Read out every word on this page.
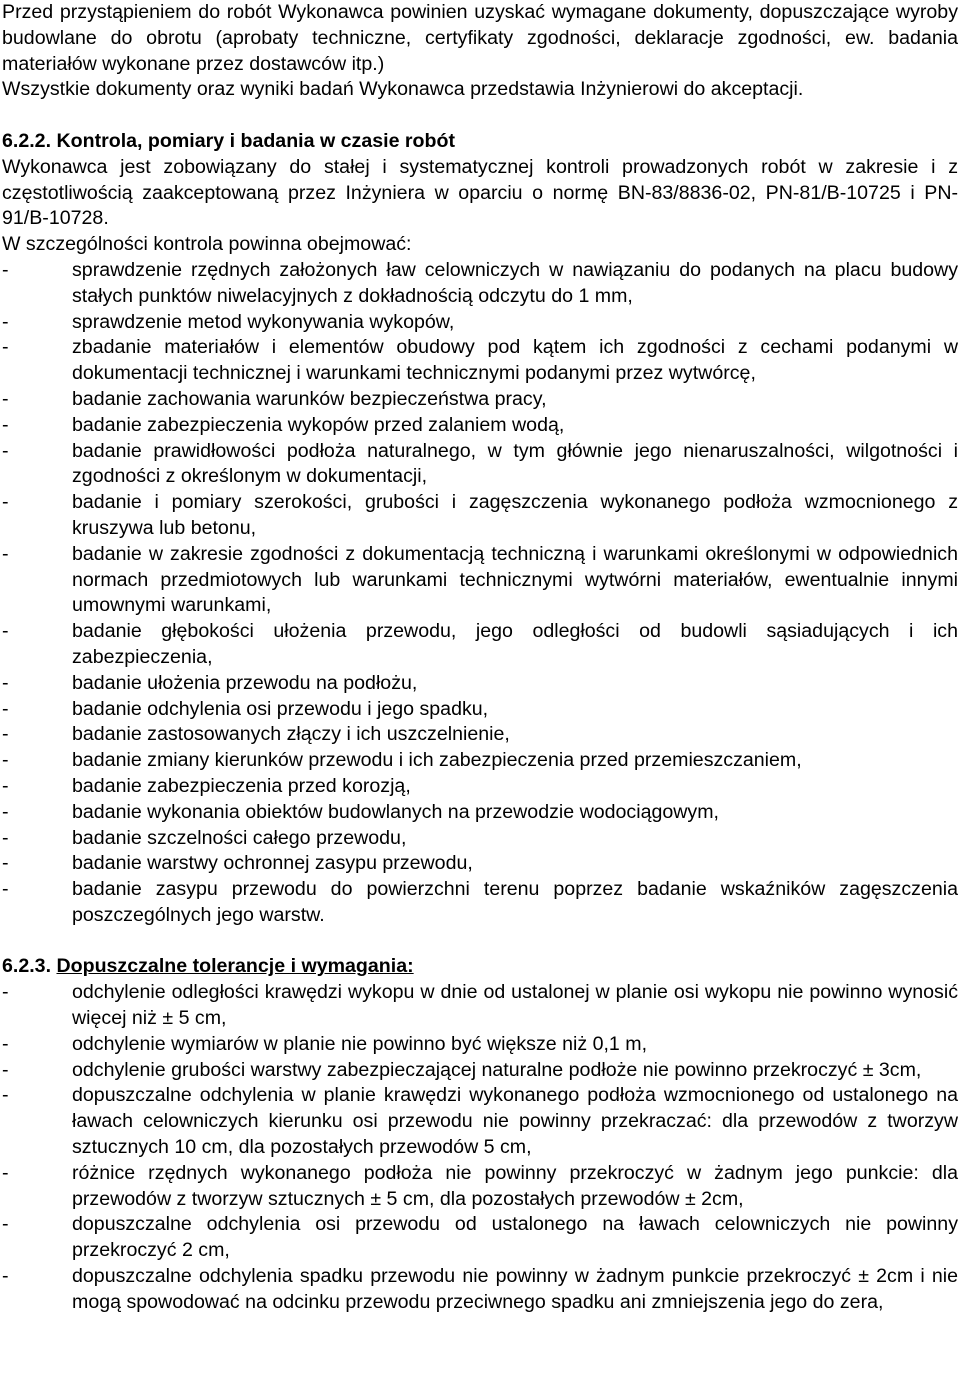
Przed przystąpieniem do robót Wykonawca powinien uzyskać wymagane dokumenty, dopuszczające wyroby budowlane do obrotu (aprobaty techniczne, certyfikaty zgodności, deklaracje zgodności, ew. badania materiałów wykonane przez dostawców itp.)

Wszystkie dokumenty oraz wyniki badań Wykonawca przedstawia Inżynierowi do akceptacji.

6.2.2. Kontrola, pomiary i badania w czasie robót

Wykonawca jest zobowiązany do stałej i systematycznej kontroli prowadzonych robót w zakresie i z częstotliwością zaakceptowaną przez Inżyniera w oparciu o normę BN-83/8836-02, PN-81/B-10725 i PN-91/B-10728.

W szczególności kontrola powinna obejmować:

-	sprawdzenie rzędnych założonych ław celowniczych w nawiązaniu do podanych na placu budowy stałych punktów niwelacyjnych z dokładnością odczytu do 1 mm,
-	sprawdzenie metod wykonywania wykopów,
-	zbadanie materiałów i elementów obudowy pod kątem ich zgodności z cechami podanymi w dokumentacji technicznej i warunkami technicznymi podanymi przez wytwórcę,
-	badanie zachowania warunków bezpieczeństwa pracy,
-	badanie zabezpieczenia wykopów przed zalaniem wodą,
-	badanie prawidłowości podłoża naturalnego, w tym głównie jego nienaruszalności, wilgotności i zgodności z określonym w dokumentacji,
-	badanie i pomiary szerokości, grubości i zagęszczenia wykonanego podłoża wzmocnionego z kruszywa lub betonu,
-	badanie w zakresie zgodności z dokumentacją techniczną i warunkami określonymi w odpowiednich normach przedmiotowych lub warunkami technicznymi wytwórni materiałów, ewentualnie innymi umownymi warunkami,
-	badanie głębokości ułożenia przewodu, jego odległości od budowli sąsiadujących i ich zabezpieczenia,
-	badanie ułożenia przewodu na podłożu,
-	badanie odchylenia osi przewodu i jego spadku,
-	badanie zastosowanych złączy i ich uszczelnienie,
-	badanie zmiany kierunków przewodu i ich zabezpieczenia przed przemieszczaniem,
-	badanie zabezpieczenia przed korozją,
-	badanie wykonania obiektów budowlanych na przewodzie wodociągowym,
-	badanie szczelności całego przewodu,
-	badanie warstwy ochronnej zasypu przewodu,
-	badanie zasypu przewodu do powierzchni terenu poprzez badanie wskaźników zagęszczenia poszczególnych jego warstw.

6.2.3. Dopuszczalne tolerancje i wymagania:

-	odchylenie odległości krawędzi wykopu w dnie od ustalonej w planie osi wykopu nie powinno wynosić więcej niż ± 5 cm,
-	odchylenie wymiarów w planie nie powinno być większe niż 0,1 m,
-	odchylenie grubości warstwy zabezpieczającej naturalne podłoże nie powinno przekroczyć ± 3cm,
-	dopuszczalne odchylenia w planie krawędzi wykonanego podłoża wzmocnionego od ustalonego na ławach celowniczych kierunku osi przewodu nie powinny przekraczać: dla przewodów z tworzyw sztucznych 10 cm, dla pozostałych przewodów 5 cm,
-	różnice rzędnych wykonanego podłoża nie powinny przekroczyć w żadnym jego punkcie: dla przewodów z tworzyw sztucznych ± 5 cm, dla pozostałych przewodów ± 2cm,
-	dopuszczalne odchylenia osi przewodu od ustalonego na ławach celowniczych nie powinny przekroczyć 2 cm,
-	dopuszczalne odchylenia spadku przewodu nie powinny w żadnym punkcie przekroczyć ± 2cm i nie mogą spowodować na odcinku przewodu przeciwnego spadku ani zmniejszenia jego do zera,
